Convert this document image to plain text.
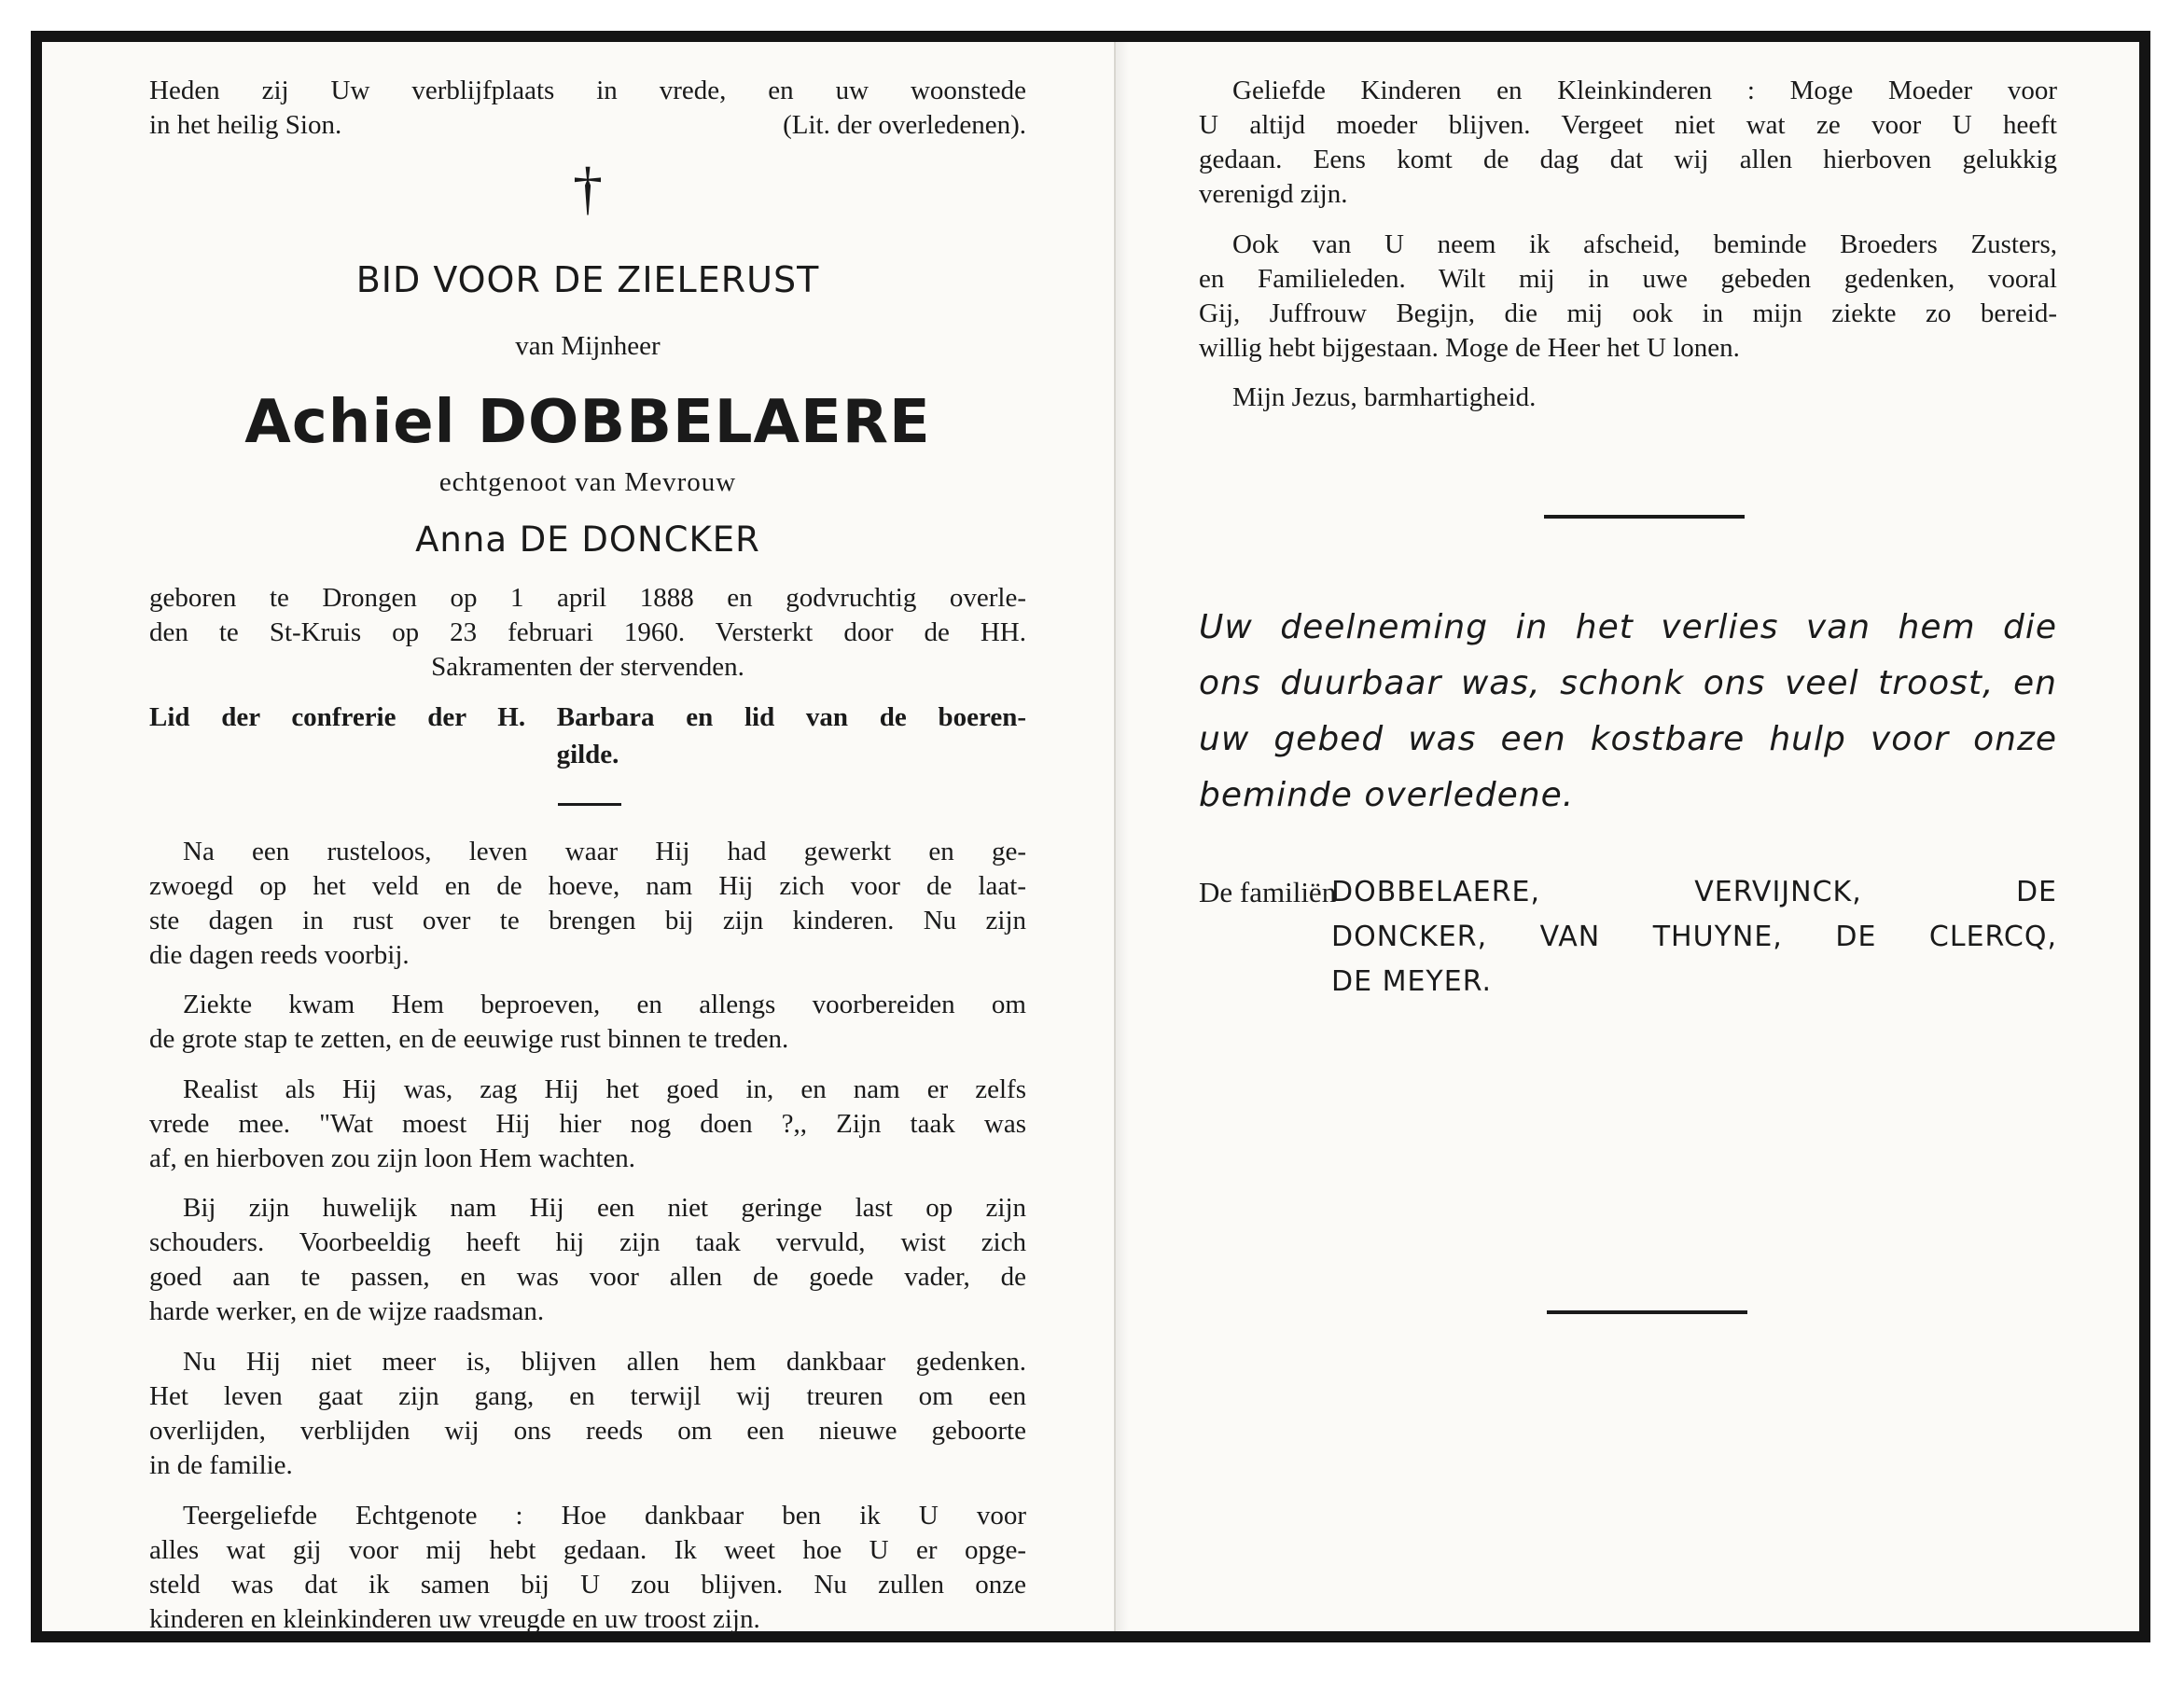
Heden zij Uw verblijfplaats in vrede, en uw woonstede

in het heilig Sion.	(Lit. der overledenen).
†
BID VOOR DE ZIELERUST
van Mijnheer
Achiel DOBBELAERE
echtgenoot van Mevrouw
Anna DE DONCKER

geboren te Drongen op 1 april 1888 en godvruchtig overle-

den te St-Kruis op 23 februari 1960. Versterkt door de HH.

Sakramenten der stervenden.

Lid der confrerie der H. Barbara en lid van de boeren-

gilde.

Na een rusteloos, leven waar Hij had gewerkt en ge-

zwoegd op het veld en de hoeve, nam Hij zich voor de laat-

ste dagen in rust over te brengen bij zijn kinderen. Nu zijn

die dagen reeds voorbij.

Ziekte kwam Hem beproeven, en allengs voorbereiden om

de grote stap te zetten, en de eeuwige rust binnen te treden.

Realist als Hij was, zag Hij het goed in, en nam er zelfs

vrede mee. "Wat moest Hij hier nog doen ?,, Zijn taak was

af, en hierboven zou zijn loon Hem wachten.

Bij zijn huwelijk nam Hij een niet geringe last op zijn

schouders. Voorbeeldig heeft hij zijn taak vervuld, wist zich

goed aan te passen, en was voor allen de goede vader, de

harde werker, en de wijze raadsman.

Nu Hij niet meer is, blijven allen hem dankbaar gedenken.

Het leven gaat zijn gang, en terwijl wij treuren om een

overlijden, verblijden wij ons reeds om een nieuwe geboorte

in de familie.

Teergeliefde Echtgenote : Hoe dankbaar ben ik U voor

alles wat gij voor mij hebt gedaan. Ik weet hoe U er opge-

steld was dat ik samen bij U zou blijven. Nu zullen onze

kinderen en kleinkinderen uw vreugde en uw troost zijn.

Geliefde Kinderen en Kleinkinderen : Moge Moeder voor

U altijd moeder blijven. Vergeet niet wat ze voor U heeft

gedaan. Eens komt de dag dat wij allen hierboven gelukkig

verenigd zijn.

Ook van U neem ik afscheid, beminde Broeders Zusters,

en Familieleden. Wilt mij in uwe gebeden gedenken, vooral

Gij, Juffrouw Begijn, die mij ook in mijn ziekte zo bereid-

willig hebt bijgestaan. Moge de Heer het U lonen.

Mijn Jezus, barmhartigheid.

Uw deelneming in het verlies van hem die
ons duurbaar was, schonk ons veel troost, en
uw gebed was een kostbare hulp voor onze
beminde overledene.
De familiën
DOBBELAERE, VERVIJNCK, DE
DONCKER, VAN THUYNE, DE CLERCQ,
DE MEYER.
